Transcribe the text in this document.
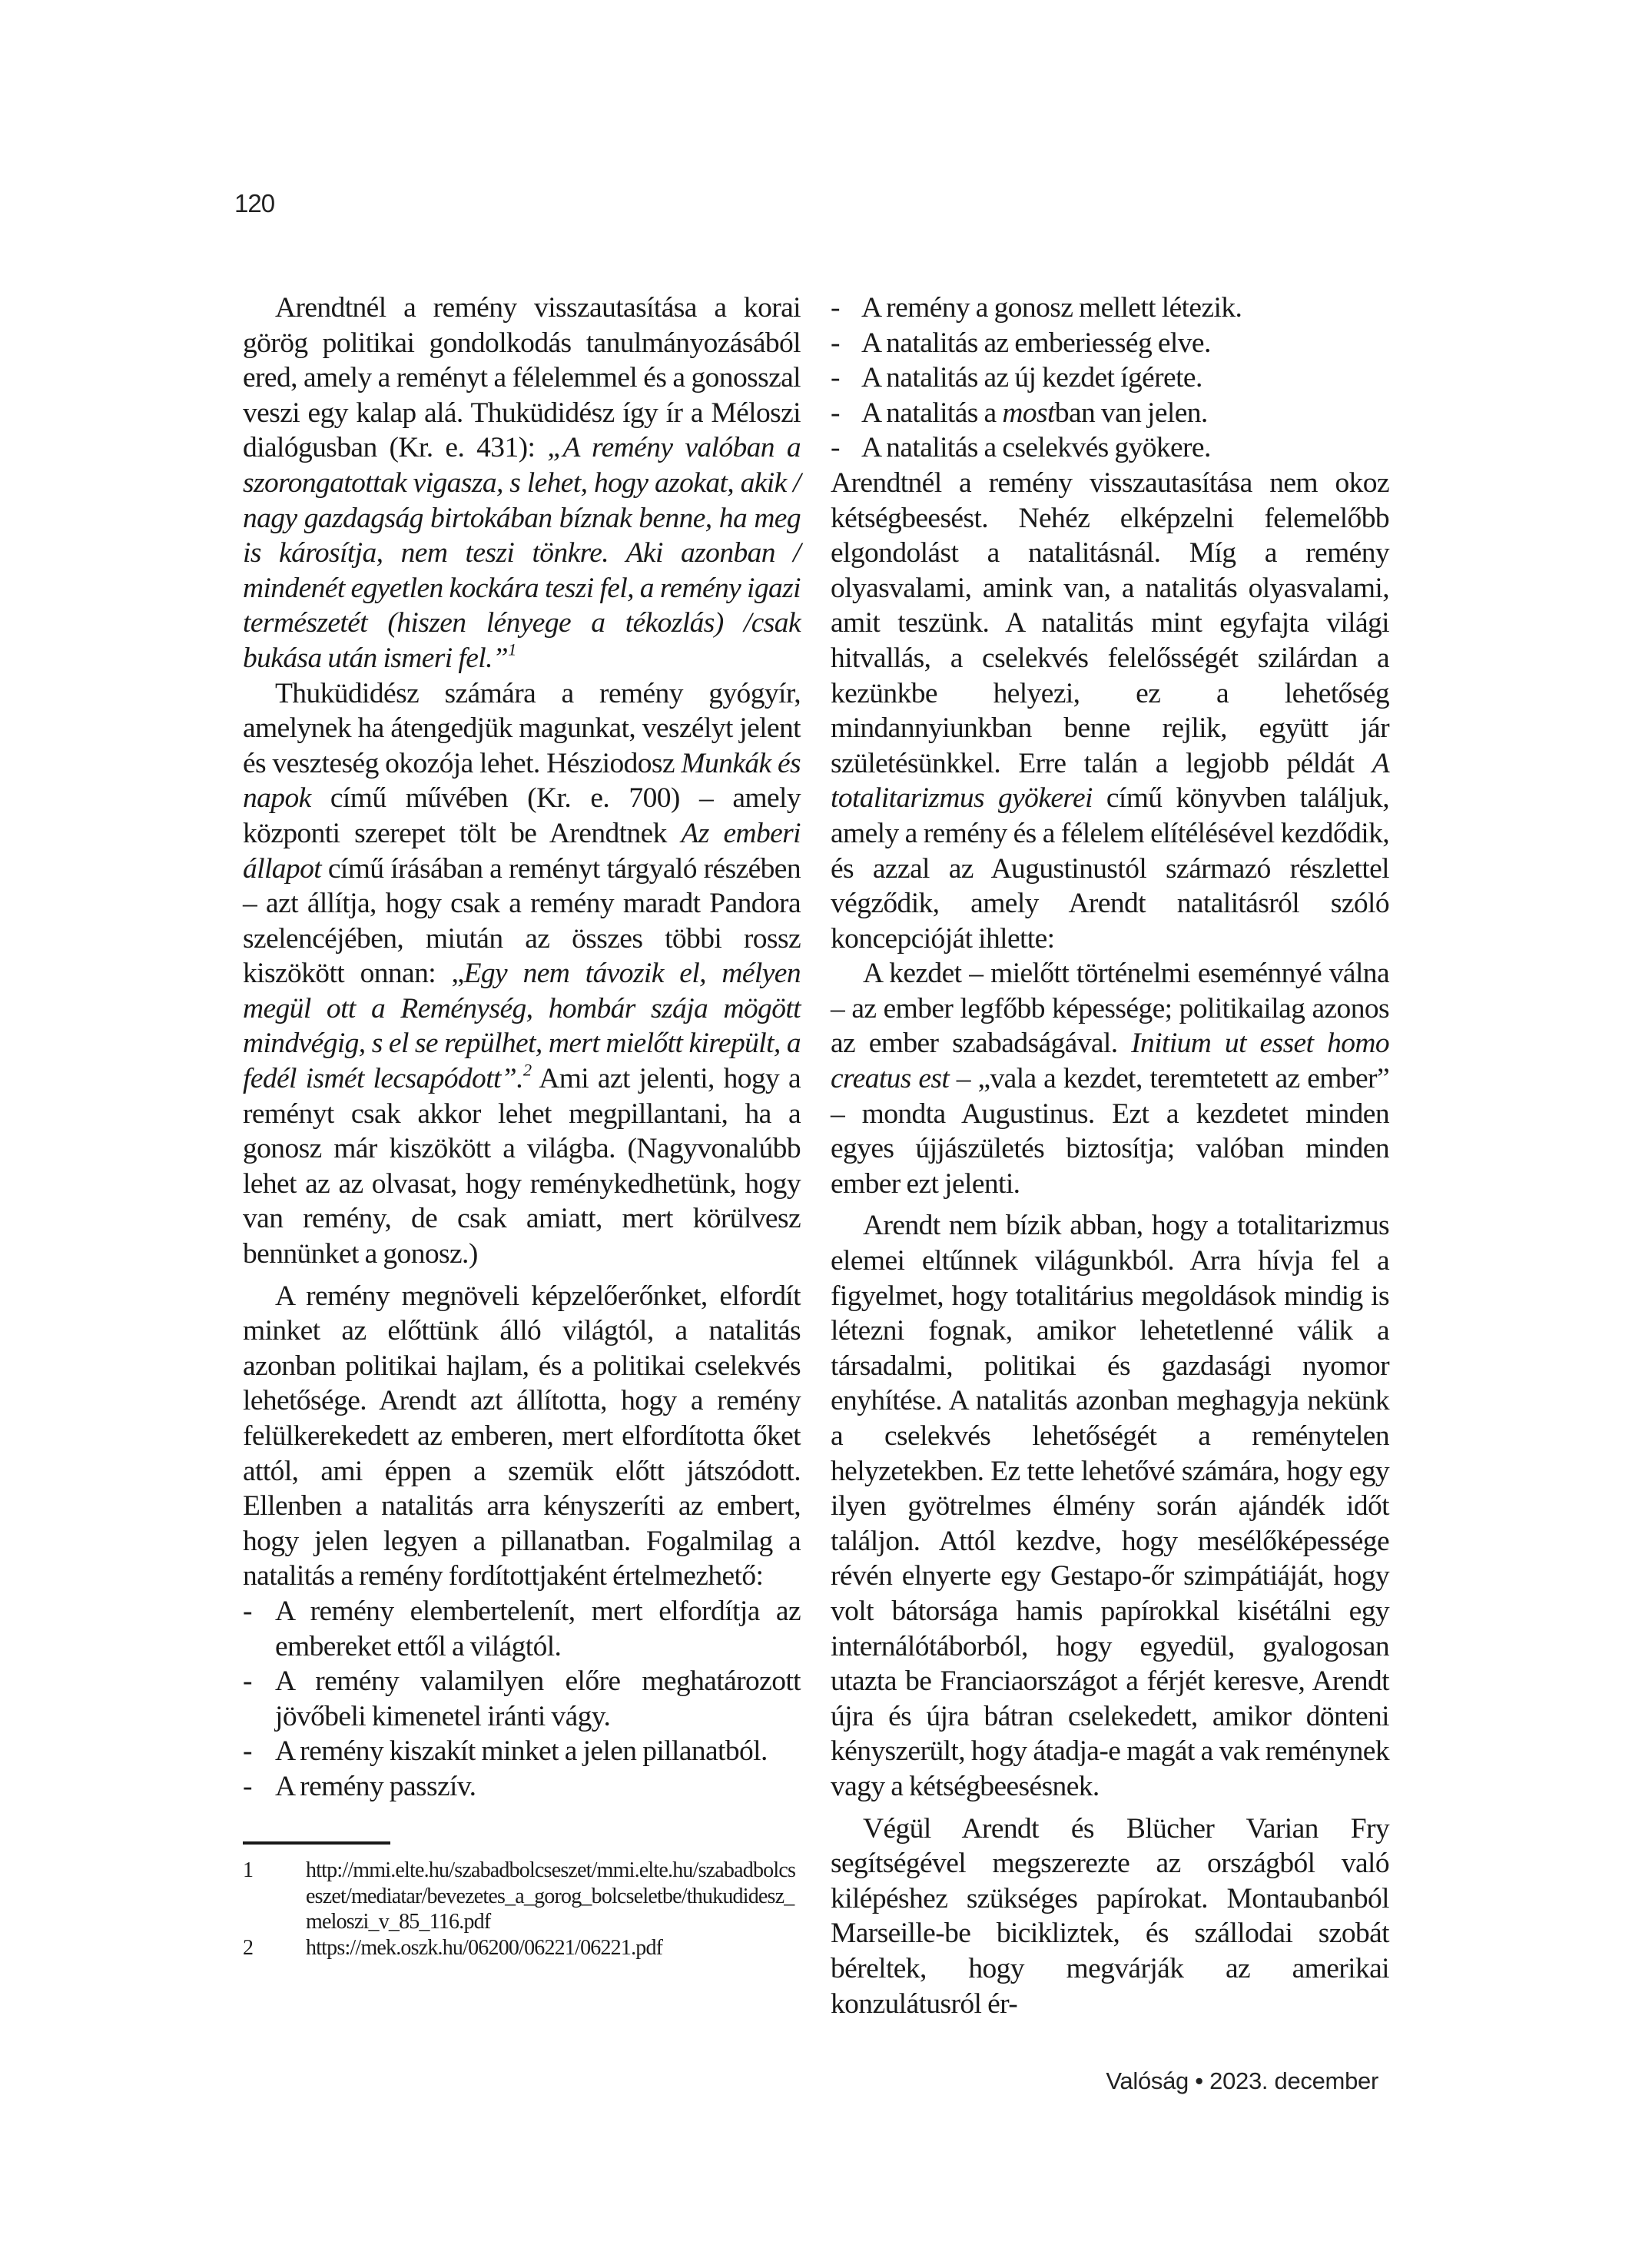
120

Arendtnél a remény visszautasítása a korai görög politikai gondolkodás tanulmányozásából ered, amely a reményt a félelemmel és a gonosszal veszi egy kalap alá. Thuküdidész így ír a Méloszi dialógusban (Kr. e. 431): „A remény valóban a szorongatottak vigasza, s lehet, hogy azokat, akik / nagy gazdagság birtokában bíznak benne, ha meg is károsítja, nem teszi tönkre. Aki azonban / mindenét egyetlen kockára teszi fel, a remény igazi természetét (hiszen lényege a tékozlás) /csak bukása után ismeri fel.”$^1$

Thuküdidész számára a remény gyógyír, amelynek ha átengedjük magunkat, veszélyt jelent és veszteség okozója lehet. Hésziodosz Munkák és napok című művében (Kr. e. 700) – amely központi szerepet tölt be Arendtnek Az emberi állapot című írásában a reményt tárgyaló részében – azt állítja, hogy csak a remény maradt Pandora szelencéjében, miután az összes többi rossz kiszökött onnan: „Egy nem távozik el, mélyen megül ott a Reménység, hombár szája mögött mindvégig, s el se repülhet, mert mielőtt kirepült, a fedél ismét lecsapódott”.$^2$ Ami azt jelenti, hogy a reményt csak akkor lehet megpillantani, ha a gonosz már kiszökött a világba. (Nagyvonalúbb lehet az az olvasat, hogy reménykedhetünk, hogy van remény, de csak amiatt, mert körülvesz bennünket a gonosz.)

A remény megnöveli képzelőerőnket, elfordít minket az előttünk álló világtól, a natalitás azonban politikai hajlam, és a politikai cselekvés lehetősége. Arendt azt állította, hogy a remény felülkerekedett az emberen, mert elfordította őket attól, ami éppen a szemük előtt játszódott. Ellenben a natalitás arra kényszeríti az embert, hogy jelen legyen a pillanatban. Fogalmilag a natalitás a remény fordítottjaként értelmezhető:

- A remény elembertelenít, mert elfordítja az embereket ettől a világtól.
- A remény valamilyen előre meghatározott jövőbeli kimenetel iránti vágy.
- A remény kiszakít minket a jelen pillanatból.
- A remény passzív.
1 http://mmi.elte.hu/szabadbolcseszet/mmi.elte.hu/szabadbolcseszet/mediatar/bevezetes_a_gorog_bolcseletbe/thukudidesz_meloszi_v_85_116.pdf
2 https://mek.oszk.hu/06200/06221/06221.pdf
- A remény a gonosz mellett létezik.
- A natalitás az emberiesség elve.
- A natalitás az új kezdet ígérete.
- A natalitás a mostban van jelen.
- A natalitás a cselekvés gyökere.

Arendtnél a remény visszautasítása nem okoz kétségbeesést. Nehéz elképzelni felemelőbb elgondolást a natalitásnál. Míg a remény olyasvalami, amink van, a natalitás olyasvalami, amit teszünk. A natalitás mint egyfajta világi hitvallás, a cselekvés felelősségét szilárdan a kezünkbe helyezi, ez a lehetőség mindannyiunkban benne rejlik, együtt jár születésünkkel. Erre talán a legjobb példát A totalitarizmus gyökerei című könyvben találjuk, amely a remény és a félelem elítélésével kezdődik, és azzal az Augustinustól származó részlettel végződik, amely Arendt natalitásról szóló koncepcióját ihlette:

A kezdet – mielőtt történelmi eseménnyé válna – az ember legfőbb képessége; politikailag azonos az ember szabadságával. Initium ut esset homo creatus est – „vala a kezdet, teremtetett az ember” – mondta Augustinus. Ezt a kezdetet minden egyes újjászületés biztosítja; valóban minden ember ezt jelenti.

Arendt nem bízik abban, hogy a totalitarizmus elemei eltűnnek világunkból. Arra hívja fel a figyelmet, hogy totalitárius megoldások mindig is létezni fognak, amikor lehetetlenné válik a társadalmi, politikai és gazdasági nyomor enyhítése. A natalitás azonban meghagyja nekünk a cselekvés lehetőségét a reménytelen helyzetekben. Ez tette lehetővé számára, hogy egy ilyen gyötrelmes élmény során ajándék időt találjon. Attól kezdve, hogy mesélőképessége révén elnyerte egy Gestapo-őr szimpátiáját, hogy volt bátorsága hamis papírokkal kisétálni egy internálótáborból, hogy egyedül, gyalogosan utazta be Franciaországot a férjét keresve, Arendt újra és újra bátran cselekedett, amikor dönteni kényszerült, hogy átadja-e magát a vak reménynek vagy a kétségbeesésnek.

Végül Arendt és Blücher Varian Fry segítségével megszerezte az országból való kilépéshez szükséges papírokat. Montaubanból Marseille-be bicikliztek, és szállodai szobát béreltek, hogy megvárják az amerikai konzulátusról ér-

Valóság • 2023. december
